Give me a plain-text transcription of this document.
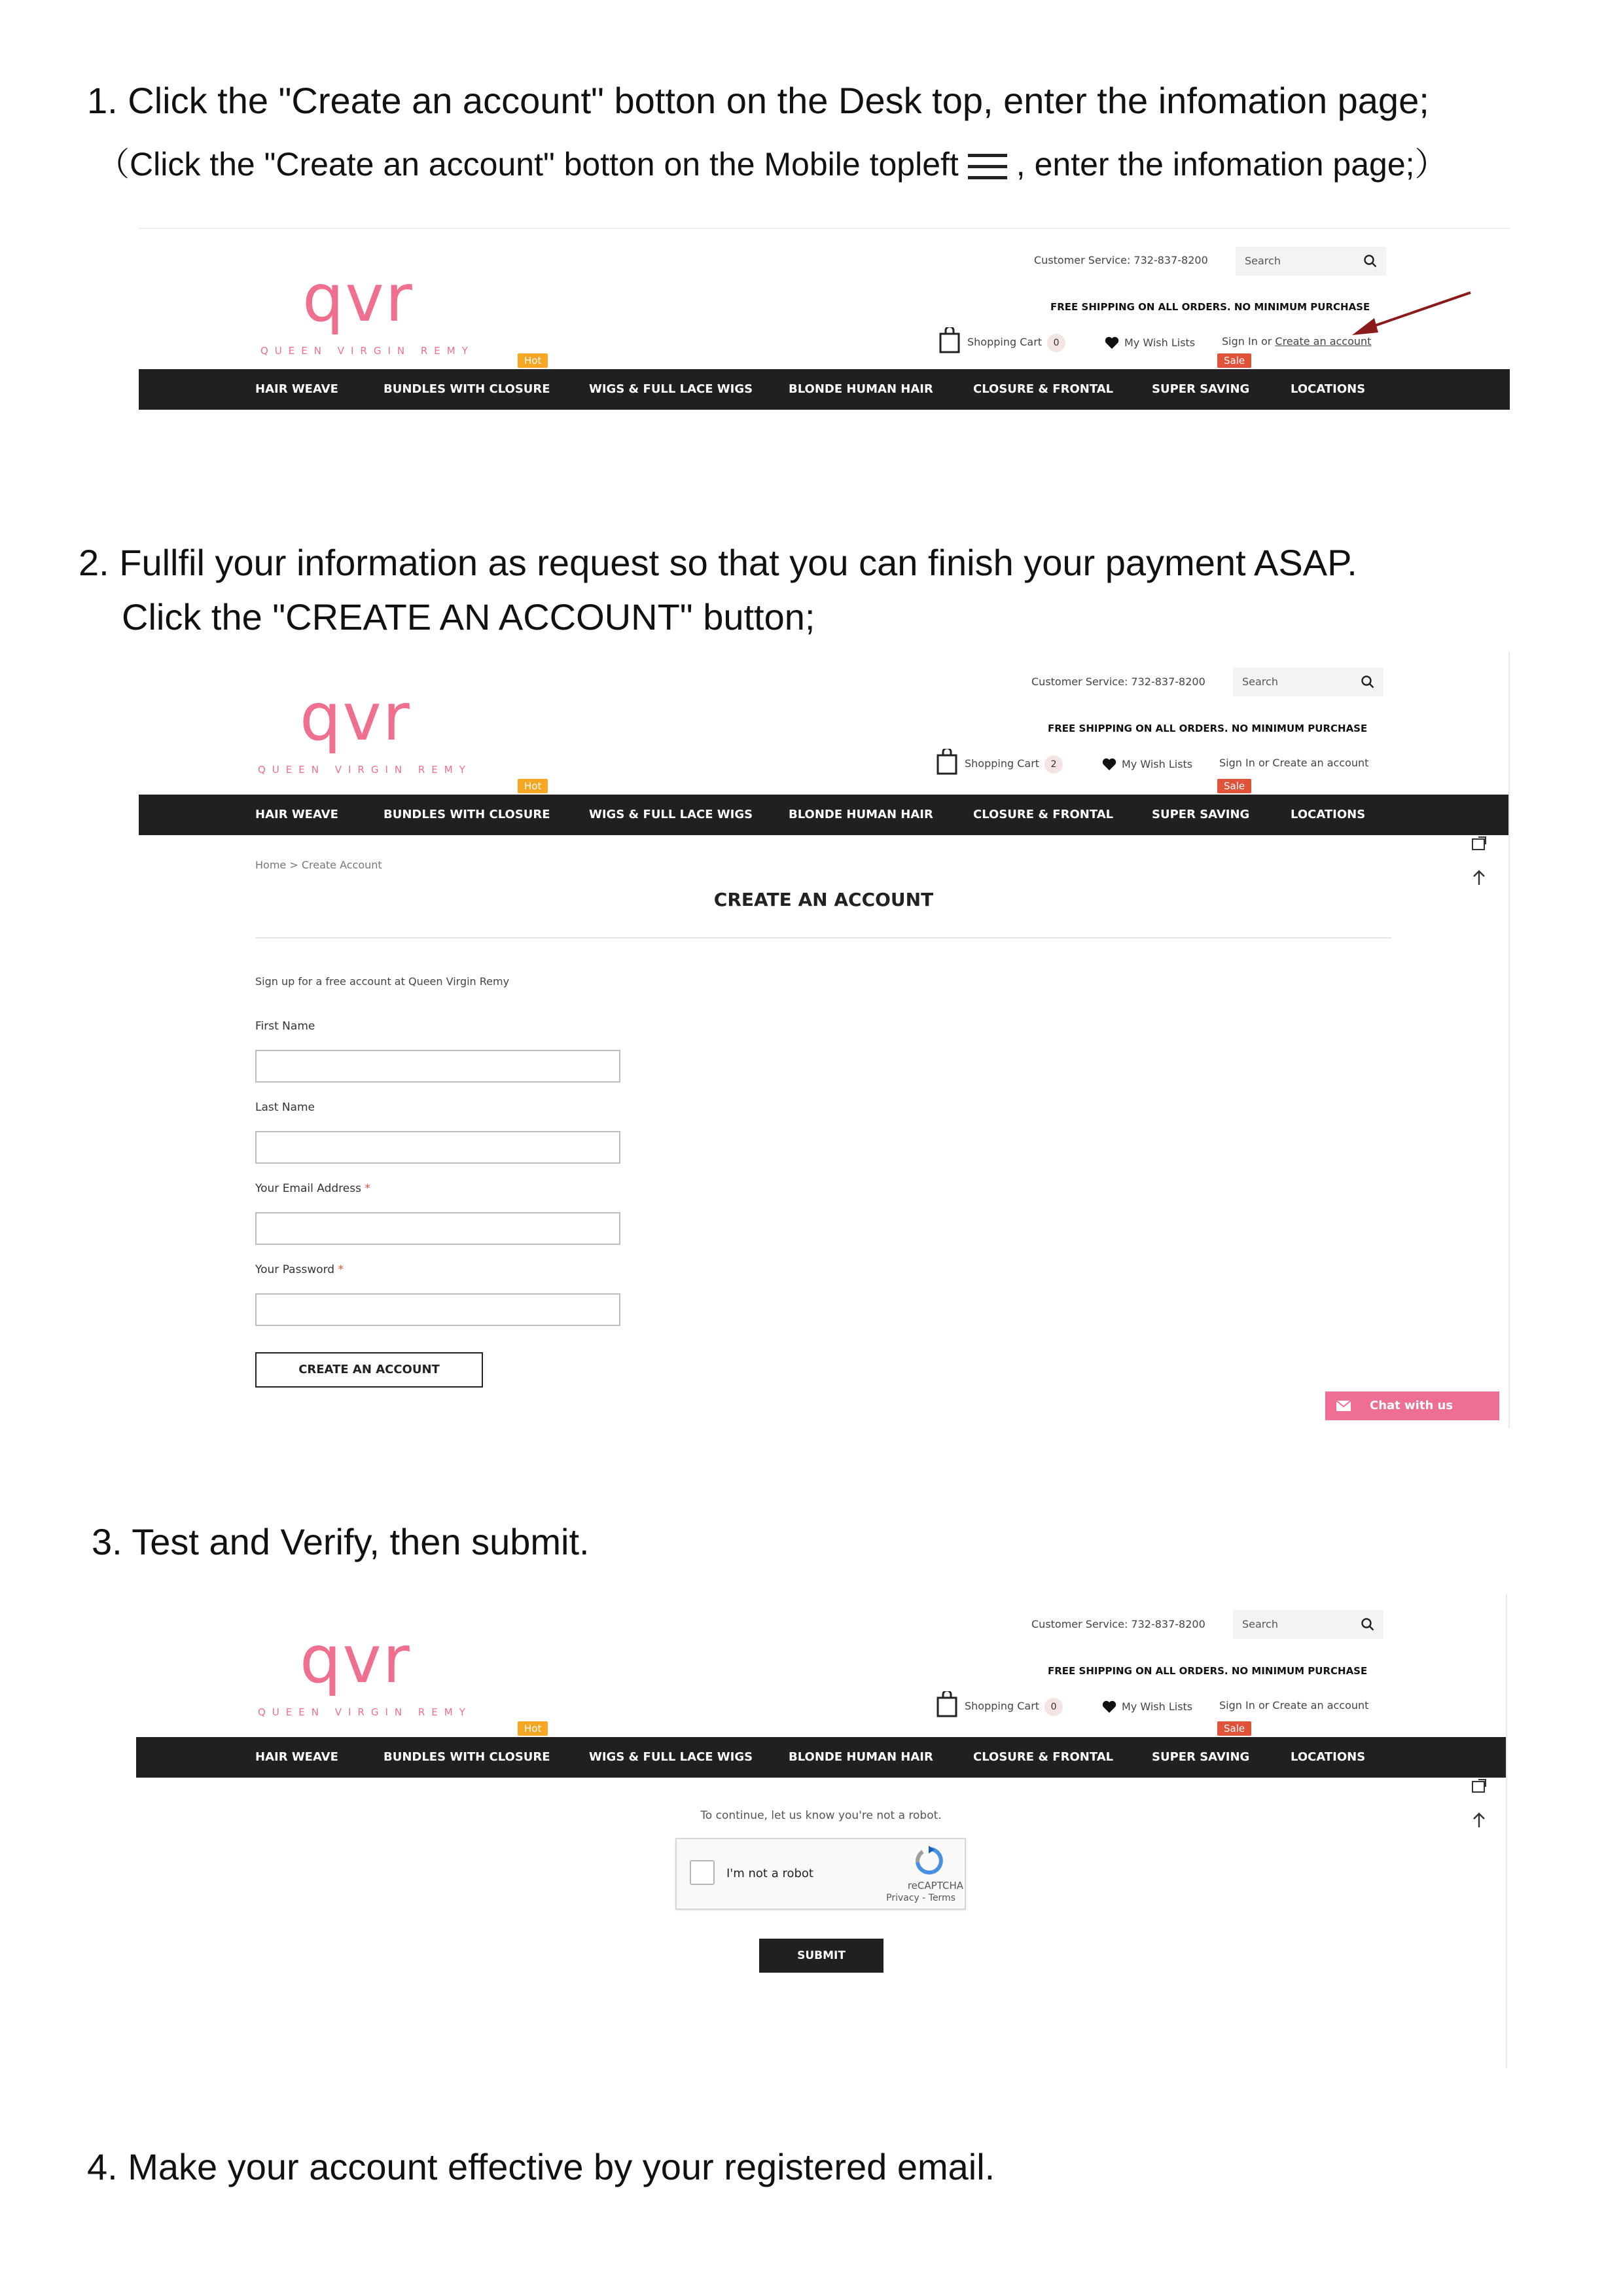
1. Click the "Create an account" botton on the Desk top, enter the infomation page;
（Click the "Create an account" botton on the Mobile topleft , enter the infomation page;）
qvr
QUEEN VIRGIN REMY
Customer Service: 732-837-8200	Search
FREE SHIPPING ON ALL ORDERS. NO MINIMUM PURCHASE
Shopping Cart 0	My Wish Lists	Sign In or Create an account
HAIR WEAVE
Hot
BUNDLES WITH CLOSURE	WIGS & FULL LACE WIGS	BLONDE HUMAN HAIR	CLOSURE & FRONTAL
Sale
SUPER SAVING	LOCATIONS
2. Fullfil your information as request so that you can finish your payment ASAP.
Click the "CREATE AN ACCOUNT" button;
qvr
QUEEN VIRGIN REMY
Customer Service: 732-837-8200	Search
FREE SHIPPING ON ALL ORDERS. NO MINIMUM PURCHASE
Shopping Cart 2	My Wish Lists	Sign In or Create an account
HAIR WEAVE
Hot
BUNDLES WITH CLOSURE	WIGS & FULL LACE WIGS	BLONDE HUMAN HAIR	CLOSURE & FRONTAL
Sale
SUPER SAVING	LOCATIONS
Home > Create Account
CREATE AN ACCOUNT
Sign up for a free account at Queen Virgin Remy
First Name
Last Name
Your Email Address *
Your Password *
CREATE AN ACCOUNT
Chat with us
3. Test and Verify, then submit.
qvr
QUEEN VIRGIN REMY
Customer Service: 732-837-8200	Search
FREE SHIPPING ON ALL ORDERS. NO MINIMUM PURCHASE
Shopping Cart 0	My Wish Lists	Sign In or Create an account
HAIR WEAVE
Hot
BUNDLES WITH CLOSURE	WIGS & FULL LACE WIGS	BLONDE HUMAN HAIR	CLOSURE & FRONTAL
Sale
SUPER SAVING	LOCATIONS
To continue, let us know you're not a robot.
I'm not a robot
reCAPTCHA
Privacy - Terms
SUBMIT
4. Make your account effective by your registered email.
